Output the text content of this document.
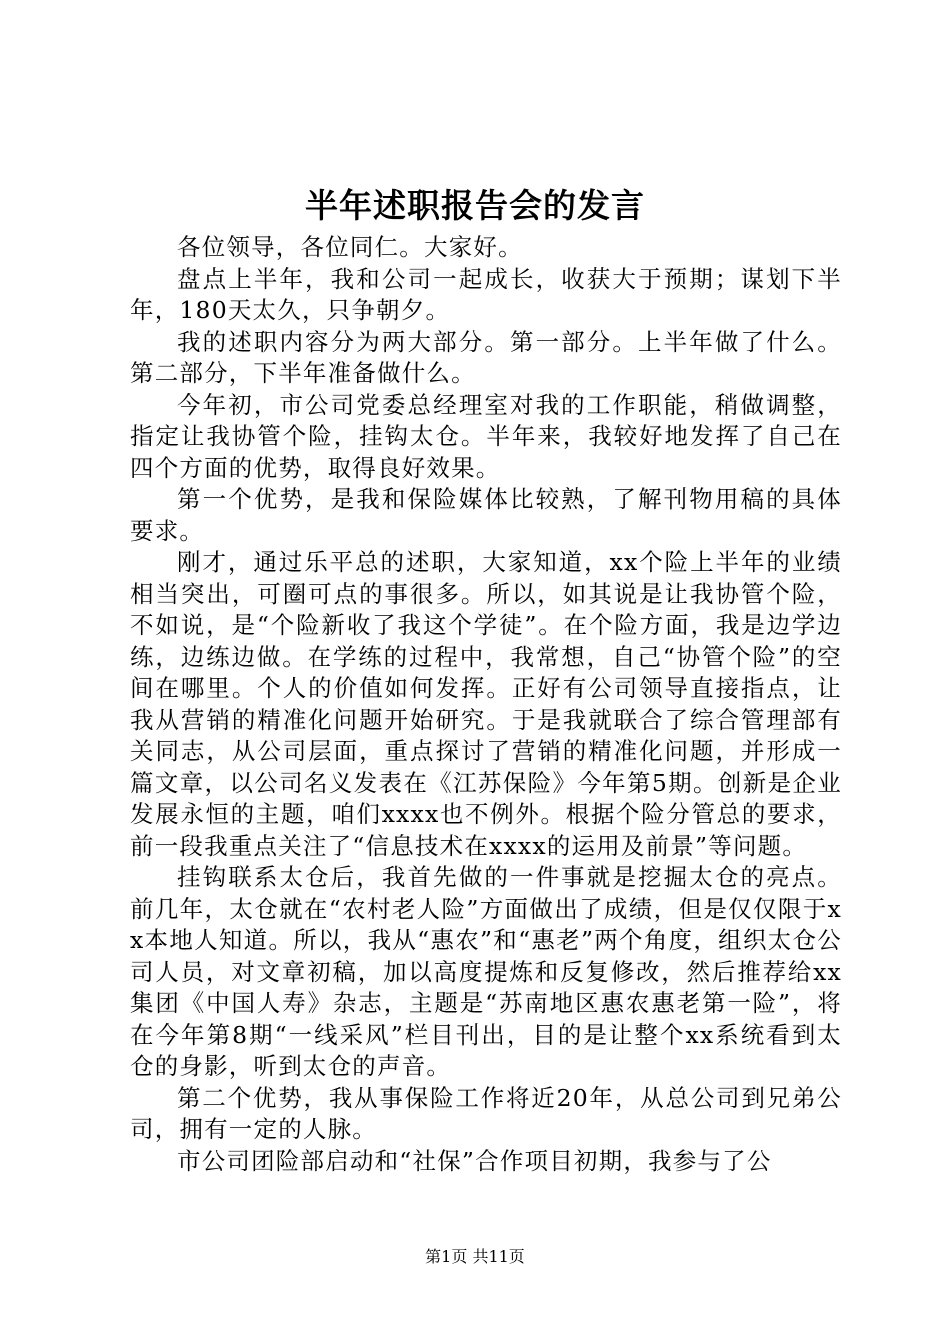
半年述职报告会的发言

各位领导，各位同仁。大家好。

盘点上半年，我和公司一起成长，收获大于预期；谋划下半年，180天太久，只争朝夕。

我的述职内容分为两大部分。第一部分。上半年做了什么。第二部分，下半年准备做什么。

今年初，市公司党委总经理室对我的工作职能，稍做调整，指定让我协管个险，挂钩太仓。半年来，我较好地发挥了自己在四个方面的优势，取得良好效果。

第一个优势，是我和保险媒体比较熟，了解刊物用稿的具体要求。

刚才，通过乐平总的述职，大家知道，xx个险上半年的业绩相当突出，可圈可点的事很多。所以，如其说是让我协管个险，不如说，是“个险新收了我这个学徒”。在个险方面，我是边学边练，边练边做。在学练的过程中，我常想，自己“协管个险”的空间在哪里。个人的价值如何发挥。正好有公司领导直接指点，让我从营销的精准化问题开始研究。于是我就联合了综合管理部有关同志，从公司层面，重点探讨了营销的精准化问题，并形成一篇文章，以公司名义发表在《江苏保险》今年第5期。创新是企业发展永恒的主题，咱们xxxx也不例外。根据个险分管总的要求，前一段我重点关注了“信息技术在xxxx的运用及前景”等问题。

挂钩联系太仓后，我首先做的一件事就是挖掘太仓的亮点。前几年，太仓就在“农村老人险”方面做出了成绩，但是仅仅限于xx本地人知道。所以，我从“惠农”和“惠老”两个角度，组织太仓公司人员，对文章初稿，加以高度提炼和反复修改，然后推荐给xx集团《中国人寿》杂志，主题是“苏南地区惠农惠老第一险”，将在今年第8期“一线采风”栏目刊出，目的是让整个xx系统看到太仓的身影，听到太仓的声音。

第二个优势，我从事保险工作将近20年，从总公司到兄弟公司，拥有一定的人脉。

市公司团险部启动和“社保”合作项目初期，我参与了公

第1页 共11页
